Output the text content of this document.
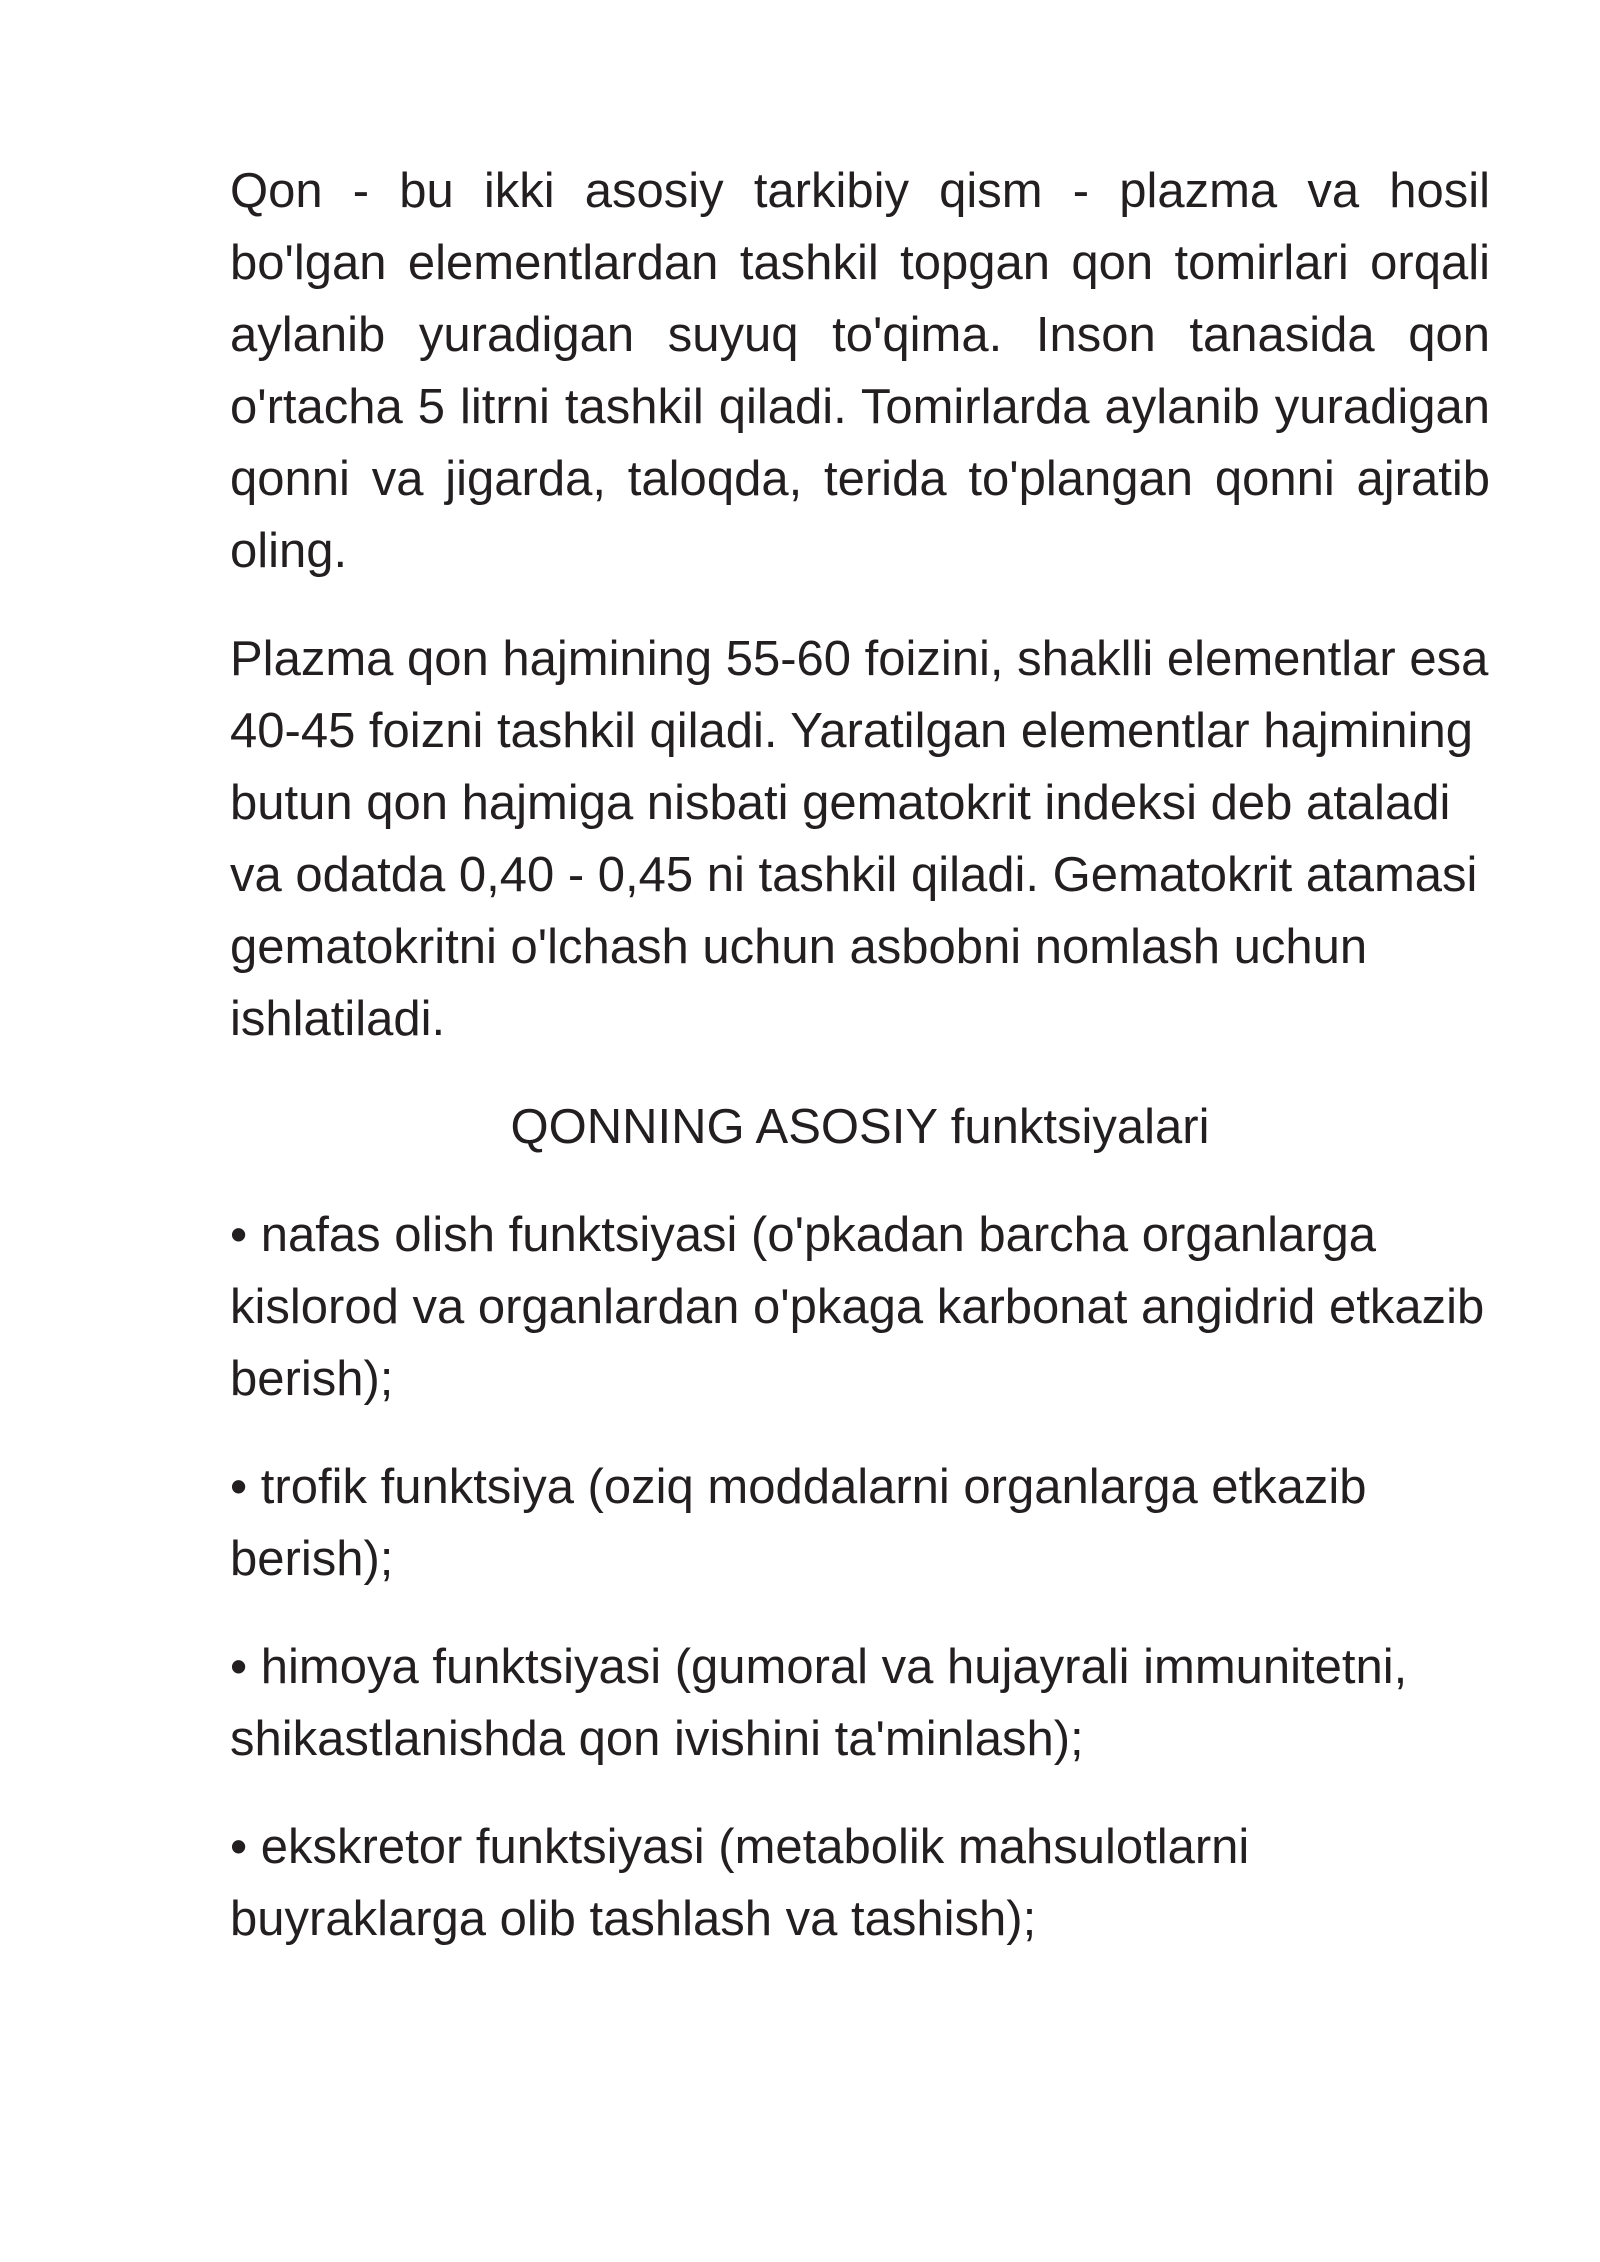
Qon - bu ikki asosiy tarkibiy qism - plazma va hosil bo'lgan elementlardan tashkil topgan qon tomirlari orqali aylanib yuradigan suyuq to'qima. Inson tanasida qon o'rtacha 5 litrni tashkil qiladi. Tomirlarda aylanib yuradigan qonni va jigarda, taloqda, terida to'plangan qonni ajratib oling.

Plazma qon hajmining 55-60 foizini, shaklli elementlar esa 40-45 foizni tashkil qiladi. Yaratilgan elementlar hajmining butun qon hajmiga nisbati gematokrit indeksi deb ataladi va odatda 0,40 - 0,45 ni tashkil qiladi. Gematokrit atamasi gematokritni o'lchash uchun asbobni nomlash uchun ishlatiladi.

QONNING ASOSIY funktsiyalari

• nafas olish funktsiyasi (o'pkadan barcha organlarga kislorod va organlardan o'pkaga karbonat angidrid etkazib berish);

• trofik funktsiya (oziq moddalarni organlarga etkazib berish);

• himoya funktsiyasi (gumoral va hujayrali immunitetni, shikastlanishda qon ivishini ta'minlash);

• ekskretor funktsiyasi (metabolik mahsulotlarni buyraklarga olib tashlash va tashish);
